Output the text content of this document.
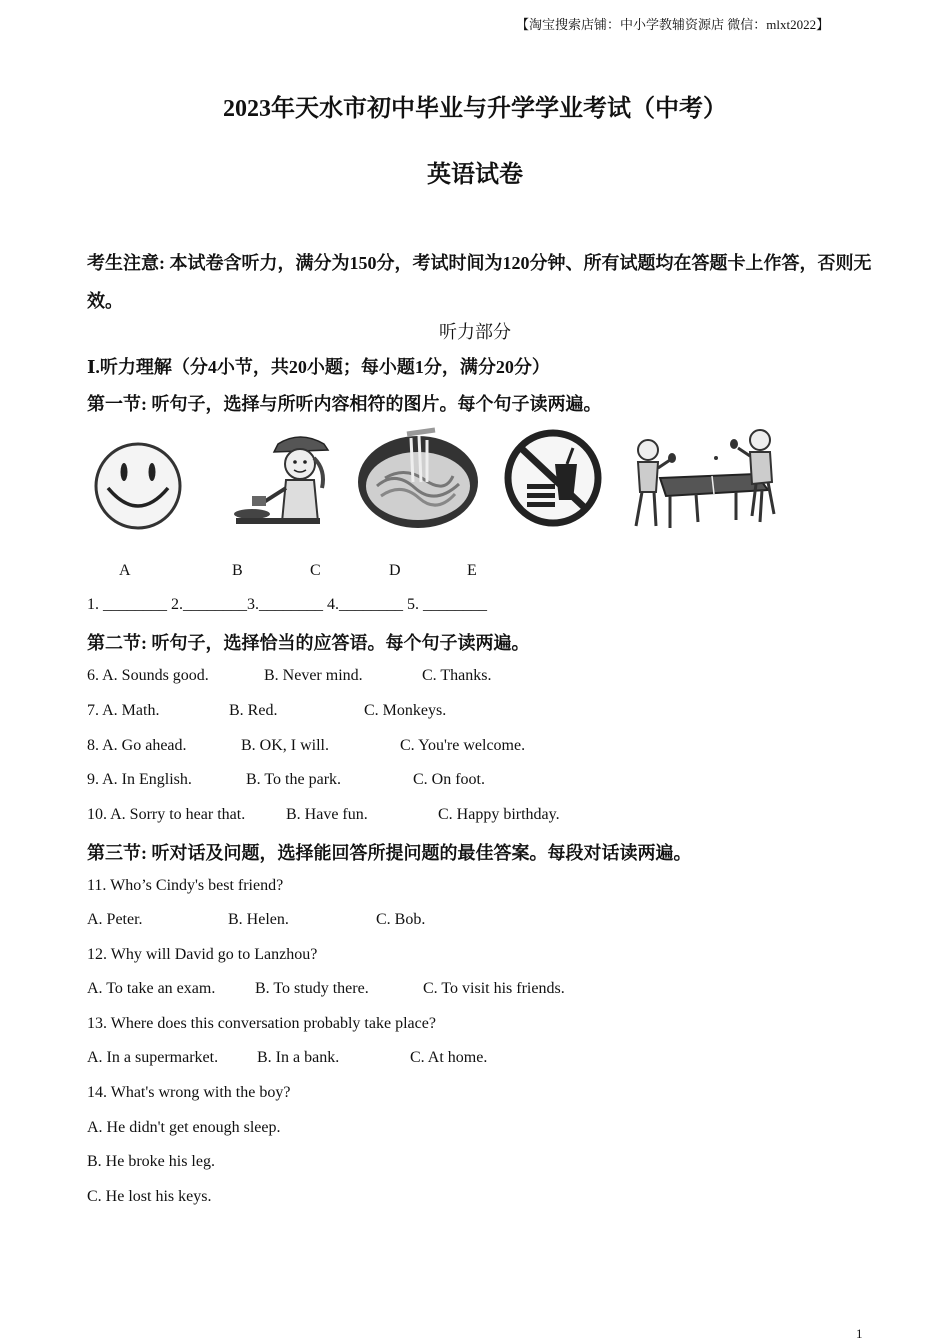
【淘宝搜索店铺：中小学教辅资源店 微信：mlxt2022】
2023年天水市初中毕业与升学学业考试（中考）
英语试卷
考生注意: 本试卷含听力，满分为150分，考试时间为120分钟、所有试题均在答题卡上作答，否则无效。
听力部分
Ⅰ.听力理解（分4小节，共20小题；每小题1分，满分20分）
第一节: 听句子，选择与所听内容相符的图片。每个句子读两遍。
A	B	C	D	E
1. ________ 2.________3.________ 4.________ 5. ________
第二节: 听句子，选择恰当的应答语。每个句子读两遍。
6. A. Sounds good.	B. Never mind.	C. Thanks.
7. A. Math.	B. Red.	C. Monkeys.
8. A. Go ahead.	B. OK, I will.	C. You're welcome.
9. A. In English.	B. To the park.	C. On foot.
10. A. Sorry to hear that.	B. Have fun.	C. Happy birthday.
第三节: 听对话及问题，选择能回答所提问题的最佳答案。每段对话读两遍。
11. Who’s Cindy's best friend?
A. Peter.	B. Helen.	C. Bob.
12. Why will David go to Lanzhou?
A. To take an exam. B. To study there.	C. To visit his friends.
13. Where does this conversation probably take place?
A. In a supermarket. B. In a bank.	C. At home.
14. What's wrong with the boy?
A. He didn't get enough sleep.
B. He broke his leg.
C. He lost his keys.
1
